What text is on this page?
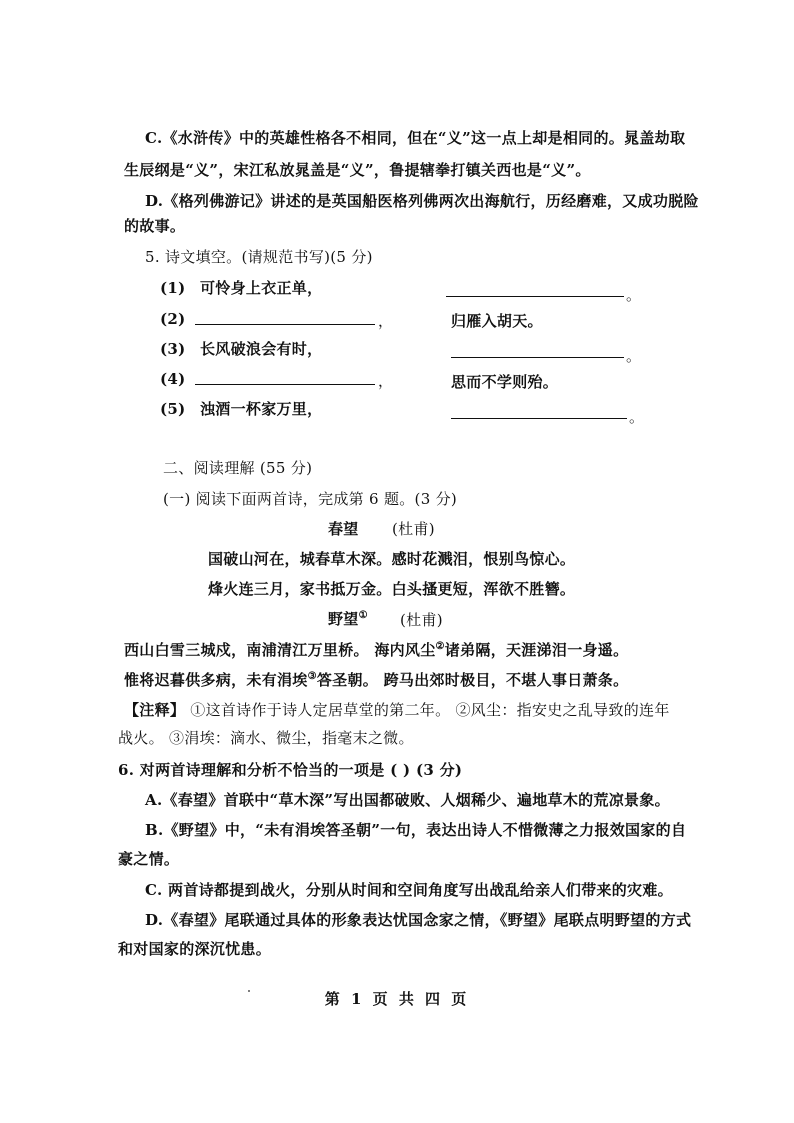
C.《水浒传》中的英雄性格各不相同，但在“义”这一点上却是相同的。晁盖劫取
生辰纲是“义”，宋江私放晁盖是“义”，鲁提辖拳打镇关西也是“义”。
D.《格列佛游记》讲述的是英国船医格列佛两次出海航行，历经磨难，又成功脱险
的故事。
5. 诗文填空。(请规范书写)(5 分)
(1) 可怜身上衣正单，	。
(2)	，	归雁入胡天。
(3) 长风破浪会有时，	。
(4)	，	思而不学则殆。
(5) 浊酒一杯家万里，	。
二、阅读理解 (55 分)
(一) 阅读下面两首诗，完成第 6 题。(3 分)
春望 (杜甫)
国破山河在，城春草木深。感时花溅泪，恨别鸟惊心。
烽火连三月，家书抵万金。白头搔更短，浑欲不胜簪。
野望① (杜甫)
西山白雪三城戍，南浦清江万里桥。 海内风尘②诸弟隔，天涯涕泪一身遥。
惟将迟暮供多病，未有涓埃③答圣朝。 跨马出郊时极目，不堪人事日萧条。
【注释】 ①这首诗作于诗人定居草堂的第二年。 ②风尘：指安史之乱导致的连年
战火。 ③涓埃：滴水、微尘，指毫末之微。
6. 对两首诗理解和分析不恰当的一项是 ( ) (3 分)
A.《春望》首联中“草木深”写出国都破败、人烟稀少、遍地草木的荒凉景象。
B.《野望》中，“未有涓埃答圣朝”一句，表达出诗人不惜微薄之力报效国家的自
豪之情。
C. 两首诗都提到战火，分别从时间和空间角度写出战乱给亲人们带来的灾难。
D.《春望》尾联通过具体的形象表达忧国念家之情，《野望》尾联点明野望的方式
和对国家的深沉忧患。
第 1 页 共 四 页
